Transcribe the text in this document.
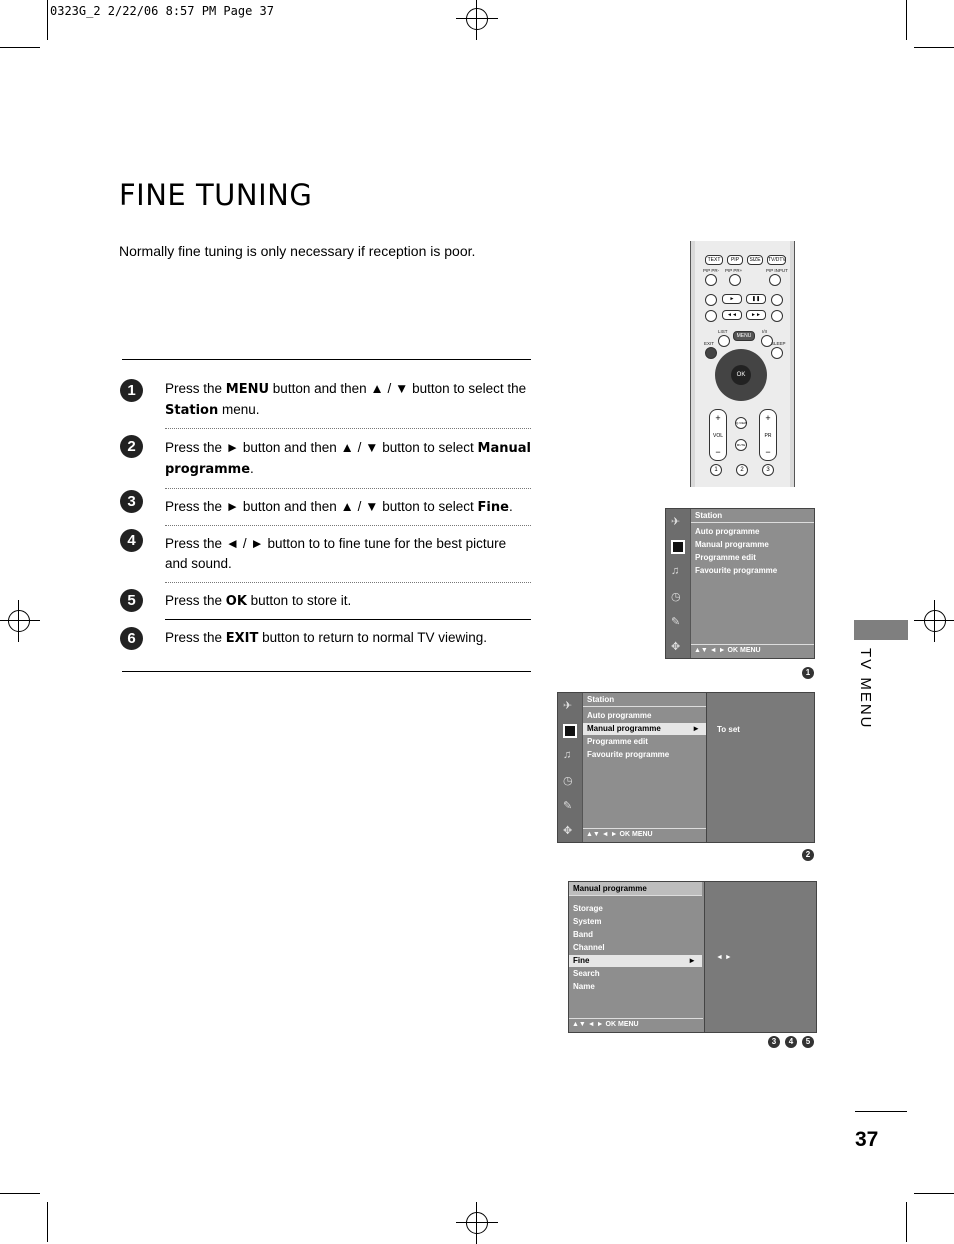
0323G_2 2/22/06 8:57 PM Page 37
FINE TUNING
Normally fine tuning is only necessary if reception is poor.
1
2
3
4
5
6
Press the MENU button and then ▲ / ▼ button to select the Station menu.
Press the ► button and then ▲ / ▼ button to select Manual programme.
Press the ► button and then ▲ / ▼ button to select Fine.
Press the ◄ / ► button to to fine tune for the best picture and sound.
Press the OK button to store it.
Press the EXIT button to return to normal TV viewing.
TV MENU
37
TEXT	PIP	SIZE	TV/DTV
PIP PR- PIP PR+	PIP INPUT
►	❚❚
◄◄	►►
LIST	I/II
MENU
EXIT	SLEEP
OK
+
VOL
−
+
PR
−
Q.VIEW
MUTE
1	2	3
✈
♫
◷
✎
✥
Station
Auto programme
Manual programme
Programme edit
Favourite programme
▲▼ ◄ ► OK MENU
1
✈
♫
◷
✎
✥
Station
Auto programme
Manual programme	►
Programme edit
Favourite programme
▲▼ ◄ ► OK MENU
To set
2
Manual programme
Storage
System
Band
Channel
Fine	►
Search
Name
▲▼ ◄ ► OK MENU
◄ ►
3	4	5
